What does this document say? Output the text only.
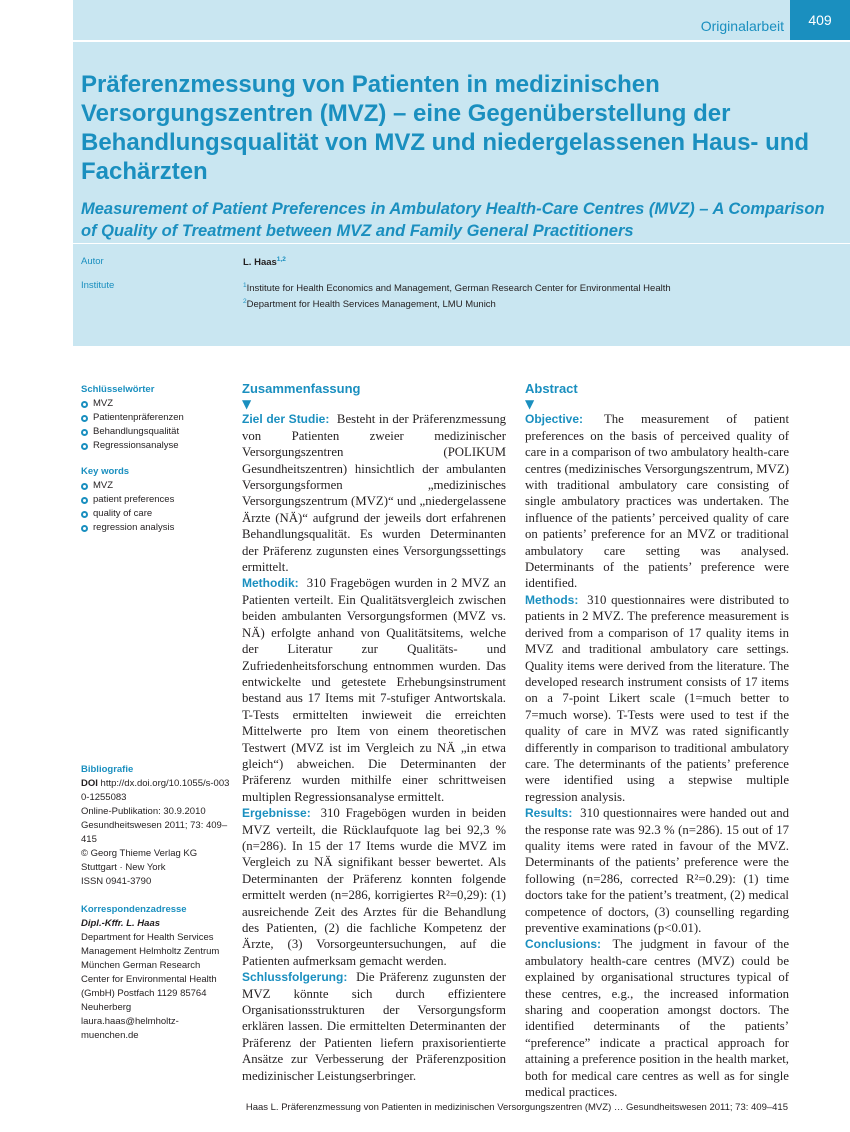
Originalarbeit	409
Präferenzmessung von Patienten in medizinischen Versorgungszentren (MVZ) – eine Gegenüberstellung der Behandlungsqualität von MVZ und niedergelassenen Haus- und Fachärzten
Measurement of Patient Preferences in Ambulatory Health-Care Centres (MVZ) – A Comparison of Quality of Treatment between MVZ and Family General Practitioners
Autor	L. Haas$^{1,2}$
Institute	$^1$Institute for Health Economics and Management, German Research Center for Environmental Health
$^2$Department for Health Services Management, LMU Munich

Schlüsselwörter

MVZ
Patientenpräferenzen
Behandlungsqualität
Regressionsanalyse

Key words

MVZ
patient preferences
quality of care
regression analysis

Bibliografie

DOI http://dx.doi.org/10.1055/s-0030-1255083

Online-Publikation: 30.9.2010

Gesundheitswesen 2011; 73: 409–415

© Georg Thieme Verlag KG Stuttgart · New York

ISSN 0941-3790

Korrespondenzadresse

Dipl.-Kffr. L. Haas

Department for Health Services Management Helmholtz Zentrum München German Research Center for Environmental Health (GmbH) Postfach 1129 85764 Neuherberg laura.haas@helmholtz-muenchen.de

Zusammenfassung

▼

Ziel der Studie: Besteht in der Präferenzmessung von Patienten zweier medizinischer Versorgungszentren (POLIKUM Gesundheitszentren) hinsichtlich der ambulanten Versorgungsformen „medizinisches Versorgungszentrum (MVZ)“ und „niedergelassene Ärzte (NÄ)“ aufgrund der jeweils dort erfahrenen Behandlungsqualität. Es wurden Determinanten der Präferenz zugunsten eines Versorgungssettings ermittelt.

Methodik: 310 Fragebögen wurden in 2 MVZ an Patienten verteilt. Ein Qualitätsvergleich zwischen beiden ambulanten Versorgungsformen (MVZ vs. NÄ) erfolgte anhand von Qualitätsitems, welche der Literatur zur Qualitäts- und Zufriedenheitsforschung entnommen wurden. Das entwickelte und getestete Erhebungsinstrument bestand aus 17 Items mit 7-stufiger Antwortskala. T-Tests ermittelten inwieweit die erreichten Mittelwerte pro Item von einem theoretischen Testwert (MVZ ist im Vergleich zu NÄ „in etwa gleich“) abweichen. Die Determinanten der Präferenz wurden mithilfe einer schrittweisen multiplen Regressionsanalyse ermittelt.

Ergebnisse: 310 Fragebögen wurden in beiden MVZ verteilt, die Rücklaufquote lag bei 92,3 % (n=286). In 15 der 17 Items wurde die MVZ im Vergleich zu NÄ signifikant besser bewertet. Als Determinanten der Präferenz konnten folgende ermittelt werden (n=286, korrigiertes R²=0,29): (1) ausreichende Zeit des Arztes für die Behandlung des Patienten, (2) die fachliche Kompetenz der Ärzte, (3) Vorsorgeuntersuchungen, auf die Patienten aufmerksam gemacht werden.

Schlussfolgerung: Die Präferenz zugunsten der MVZ könnte sich durch effizientere Organisationsstrukturen der Versorgungsform erklären lassen. Die ermittelten Determinanten der Präferenz der Patienten liefern praxisorientierte Ansätze zur Verbesserung der Präferenzposition medizinischer Leistungserbringer.

Abstract

▼

Objective: The measurement of patient preferences on the basis of perceived quality of care in a comparison of two ambulatory health-care centres (medizinisches Versorgungszentrum, MVZ) with traditional ambulatory care consisting of single ambulatory practices was undertaken. The influence of the patients’ perceived quality of care on patients’ preference for an MVZ or traditional ambulatory care setting was analysed. Determinants of the patients’ preference were identified.

Methods: 310 questionnaires were distributed to patients in 2 MVZ. The preference measurement is derived from a comparison of 17 quality items in MVZ and traditional ambulatory care settings. Quality items were derived from the literature. The developed research instrument consists of 17 items on a 7-point Likert scale (1=much better to 7=much worse). T-Tests were used to test if the quality of care in MVZ was rated significantly differently in comparison to traditional ambulatory care. The determinants of the patients’ preference were identified using a stepwise multiple regression analysis.

Results: 310 questionnaires were handed out and the response rate was 92.3 % (n=286). 15 out of 17 quality items were rated in favour of the MVZ. Determinants of the patients’ preference were the following (n=286, corrected R²=0.29): (1) time doctors take for the patient’s treatment, (2) medical competence of doctors, (3) counselling regarding preventive examinations (p<0.01).

Conclusions: The judgment in favour of the ambulatory health-care centres (MVZ) could be explained by organisational structures typical of these centres, e.g., the increased information sharing and cooperation amongst doctors. The identified determinants of the patients’ “preference” indicate a practical approach for attaining a preference position in the health market, both for medical care centres as well as for single medical practices.

Haas L. Präferenzmessung von Patienten in medizinischen Versorgungszentren (MVZ) … Gesundheitswesen 2011; 73: 409–415
